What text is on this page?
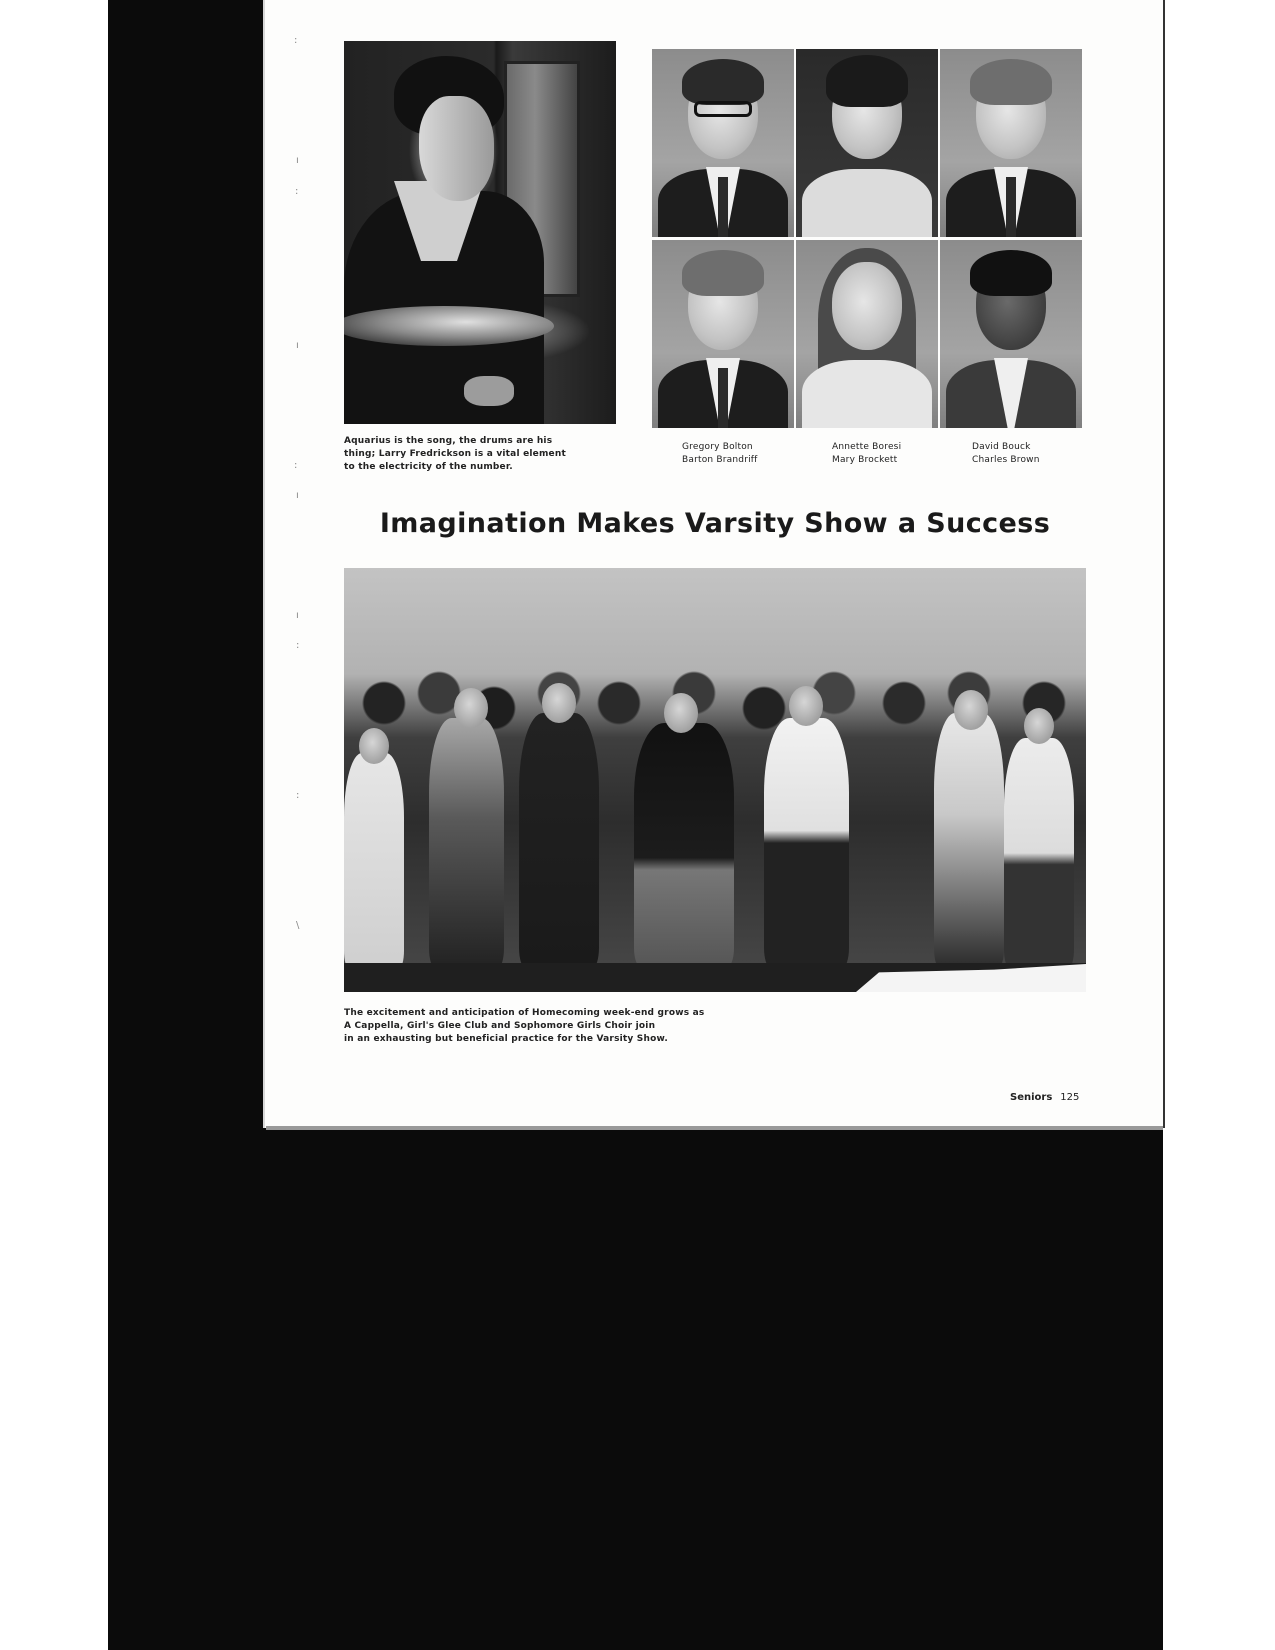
:
ı
:
ı
:
ı
ı
:
:
\
Aquarius is the song, the drums are his
thing; Larry Fredrickson is a vital element
to the electricity of the number.
Gregory Bolton
Barton Brandriff
Annette Boresi
Mary Brockett
David Bouck
Charles Brown
Imagination Makes Varsity Show a Success
The excitement and anticipation of Homecoming week-end grows as
A Cappella, Girl's Glee Club and Sophomore Girls Choir join
in an exhausting but beneficial practice for the Varsity Show.
Seniors 125
